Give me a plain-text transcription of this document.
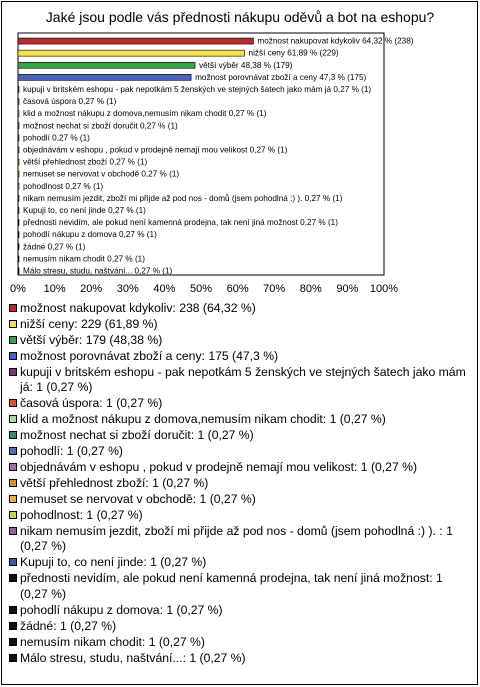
Jaké jsou podle vás přednosti nákupu oděvů a bot na eshopu?
možnost nakupovat kdykoliv 64,32 % (238)
nižší ceny 61,89 % (229)
větší výběr 48,38 % (179)
možnost porovnávat zboží a ceny 47,3 % (175)
kupuji v britském eshopu - pak nepotkám 5 ženských ve stejných šatech jako mám já 0,27 % (1)
časová úspora 0,27 % (1)
klid a možnost nákupu z domova,nemusím nikam chodit 0,27 % (1)
možnost nechat si zboží doručit 0,27 % (1)
pohodlí 0,27 % (1)
objednávám v eshopu , pokud v prodejně nemají mou velikost 0,27 % (1)
větší přehlednost zboží 0,27 % (1)
nemuset se nervovat v obchodě 0,27 % (1)
pohodlnost 0,27 % (1)
nikam nemusím jezdit, zboží mi přijde až pod nos - domů (jsem pohodlná :) ). 0,27 % (1)
Kupuji to, co není jinde 0,27 % (1)
přednosti nevidím, ale pokud není kamenná prodejna, tak není jiná možnost 0,27 % (1)
pohodlí nákupu z domova 0,27 % (1)
žádné 0,27 % (1)
nemusím nikam chodit 0,27 % (1)
Málo stresu, studu, naštvání... 0,27 % (1)
0% 10% 20% 30% 40% 50% 60% 70% 80% 90% 100%
možnost nakupovat kdykoliv: 238 (64,32 %)
nižší ceny: 229 (61,89 %)
větší výběr: 179 (48,38 %)
možnost porovnávat zboží a ceny: 175 (47,3 %)
kupuji v britském eshopu - pak nepotkám 5 ženských ve stejných šatech jako mám já: 1 (0,27 %)
časová úspora: 1 (0,27 %)
klid a možnost nákupu z domova,nemusím nikam chodit: 1 (0,27 %)
možnost nechat si zboží doručit: 1 (0,27 %)
pohodlí: 1 (0,27 %)
objednávám v eshopu , pokud v prodejně nemají mou velikost: 1 (0,27 %)
větší přehlednost zboží: 1 (0,27 %)
nemuset se nervovat v obchodě: 1 (0,27 %)
pohodlnost: 1 (0,27 %)
nikam nemusím jezdit, zboží mi přijde až pod nos - domů (jsem pohodlná :) ). : 1 (0,27 %)
Kupuji to, co není jinde: 1 (0,27 %)
přednosti nevidím, ale pokud není kamenná prodejna, tak není jiná možnost: 1 (0,27 %)
pohodlí nákupu z domova: 1 (0,27 %)
žádné: 1 (0,27 %)
nemusím nikam chodit: 1 (0,27 %)
Málo stresu, studu, naštvání...: 1 (0,27 %)
